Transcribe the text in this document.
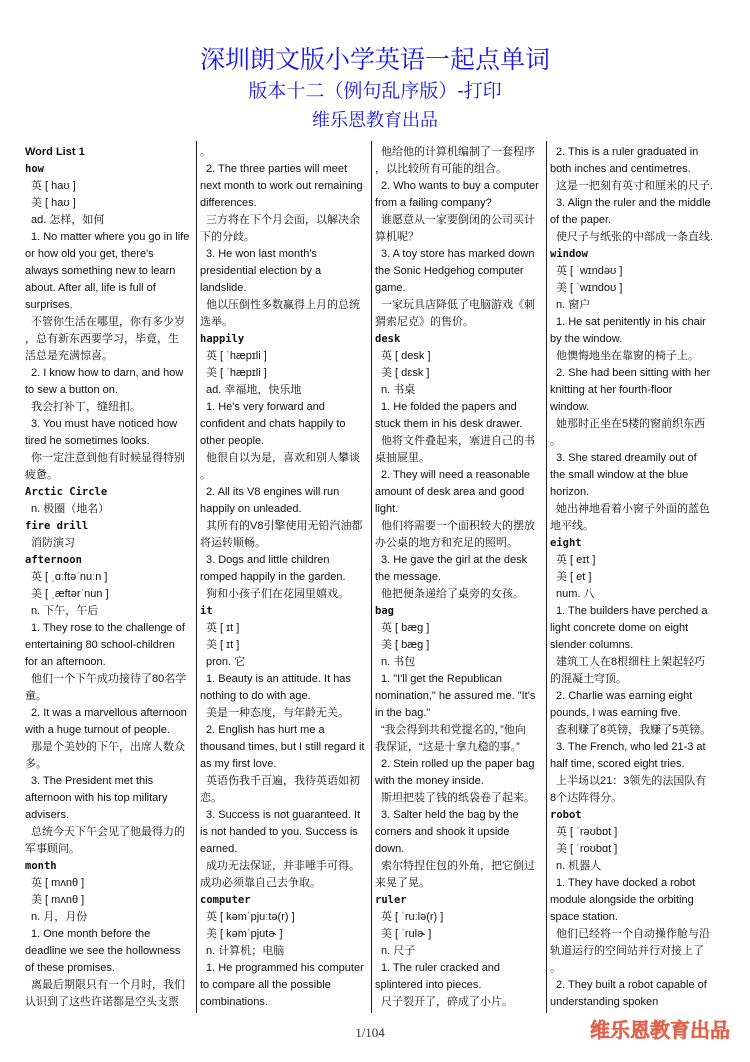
深圳朗文版小学英语一起点单词
版本十二（例句乱序版）-打印
维乐恩教育出品
Word List 1
how
英 [ haʊ ]
美 [ haʊ ]
ad. 怎样，如何
1. No matter where you go in life
or how old you get, there's
always something new to learn
about. After all, life is full of
surprises.
不管你生活在哪里，你有多少岁
，总有新东西要学习，毕竟，生
活总是充满惊喜。
2. I know how to darn, and how
to sew a button on.
我会打补丁，缝纽扣。
3. You must have noticed how
tired he sometimes looks.
你一定注意到他有时候显得特别
疲惫。
Arctic Circle
n. 极圈（地名）
fire drill
消防演习
afternoon
英 [ ˌɑːftəˈnuːn ]
美 [ ˌæftərˈnun ]
n. 下午，午后
1. They rose to the challenge of
entertaining 80 school-children
for an afternoon.
他们一个下午成功接待了80名学
童。
2. It was a marvellous afternoon
with a huge turnout of people.
那是个美妙的下午，出席人数众
多。
3. The President met this
afternoon with his top military
advisers.
总统今天下午会见了他最得力的
军事顾问。
month
英 [ mʌnθ ]
美 [ mʌnθ ]
n. 月，月份
1. One month before the
deadline we see the hollowness
of these promises.
离最后期限只有一个月时，我们
认识到了这些许诺都是空头支票
。
2. The three parties will meet
next month to work out remaining
differences.
三方将在下个月会面，以解决余
下的分歧。
3. He won last month's
presidential election by a
landslide.
他以压倒性多数赢得上月的总统
选举。
happily
英 [ ˈhæpɪli ]
美 [ ˈhæpɪli ]
ad. 幸福地，快乐地
1. He's very forward and
confident and chats happily to
other people.
他很自以为是，喜欢和别人攀谈
。
2. All its V8 engines will run
happily on unleaded.
其所有的V8引擎使用无铅汽油都
将运转顺畅。
3. Dogs and little children
romped happily in the garden.
狗和小孩子们在花园里嬉戏。
it
英 [ ɪt ]
美 [ ɪt ]
pron. 它
1. Beauty is an attitude. It has
nothing to do with age.
美是一种态度，与年龄无关。
2. English has hurt me a
thousand times, but I still regard it
as my first love.
英语伤我千百遍，我待英语如初
恋。
3. Success is not guaranteed. It
is not handed to you. Success is
earned.
成功无法保证，并非唾手可得。
成功必须靠自己去争取。
computer
英 [ kəmˈpjuːtə(r) ]
美 [ kəmˈpjutɚ ]
n. 计算机；电脑
1. He programmed his computer
to compare all the possible
combinations.
他给他的计算机编制了一套程序
，以比较所有可能的组合。
2. Who wants to buy a computer
from a failing company?
谁愿意从一家要倒闭的公司买计
算机呢？
3. A toy store has marked down
the Sonic Hedgehog computer
game.
一家玩具店降低了电脑游戏《刺
猬索尼克》的售价。
desk
英 [ desk ]
美 [ dɛsk ]
n. 书桌
1. He folded the papers and
stuck them in his desk drawer.
他将文件叠起来，塞进自己的书
桌抽屉里。
2. They will need a reasonable
amount of desk area and good
light.
他们将需要一个面积较大的摆放
办公桌的地方和充足的照明。
3. He gave the girl at the desk
the message.
他把便条递给了桌旁的女孩。
bag
英 [ bæg ]
美 [ bæɡ ]
n. 书包
1. "I'll get the Republican
nomination," he assured me. "It's
in the bag."
“我会得到共和党提名的，”他向
我保证，“这是十拿九稳的事。”
2. Stein rolled up the paper bag
with the money inside.
斯坦把装了钱的纸袋卷了起来。
3. Salter held the bag by the
corners and shook it upside
down.
索尔特捏住包的外角，把它倒过
来晃了晃。
ruler
英 [ ˈruːlə(r) ]
美 [ ˈrulɚ ]
n. 尺子
1. The ruler cracked and
splintered into pieces.
尺子裂开了，碎成了小片。
2. This is a ruler graduated in
both inches and centimetres.
这是一把刻有英寸和厘米的尺子.
3. Align the ruler and the middle
of the paper.
使尺子与纸张的中部成一条直线.
window
英 [ ˈwɪndəʊ ]
美 [ ˈwɪndoʊ ]
n. 窗户
1. He sat penitently in his chair
by the window.
他懊悔地坐在靠窗的椅子上。
2. She had been sitting with her
knitting at her fourth-floor
window.
她那时正坐在5楼的窗前织东西
。
3. She stared dreamily out of
the small window at the blue
horizon.
她出神地看着小窗子外面的蓝色
地平线。
eight
英 [ eɪt ]
美 [ et ]
num. 八
1. The builders have perched a
light concrete dome on eight
slender columns.
建筑工人在8根细柱上架起轻巧
的混凝土穹顶。
2. Charlie was earning eight
pounds, I was earning five.
查利赚了8英镑，我赚了5英镑。
3. The French, who led 21-3 at
half time, scored eight tries.
上半场以21：3领先的法国队有
8个达阵得分。
robot
英 [ ˈrəʊbɒt ]
美 [ ˈroʊbɑt ]
n. 机器人
1. They have docked a robot
module alongside the orbiting
space station.
他们已经将一个自动操作舱与沿
轨道运行的空间站并行对接上了
。
2. They built a robot capable of
understanding spoken
1/104	维乐恩教育出品
